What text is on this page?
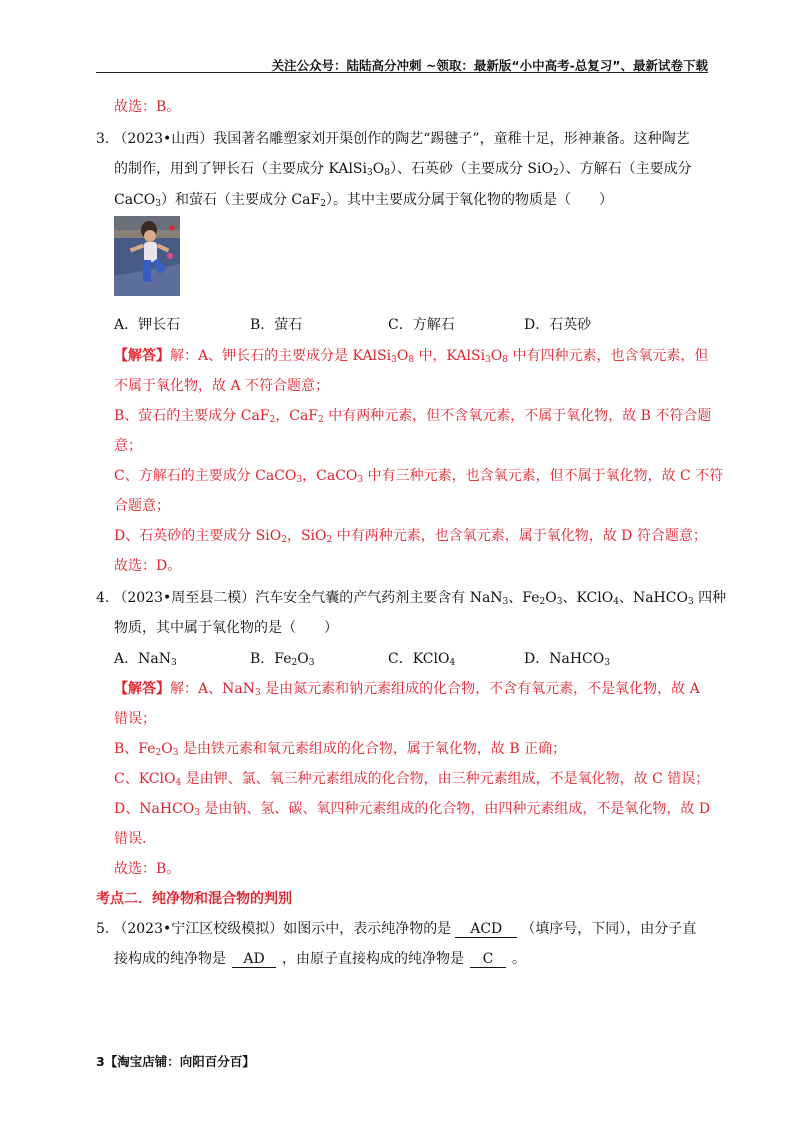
关注公众号：陆陆高分冲刺 ~领取：最新版“小中高考-总复习”、最新试卷下载
故选：B。
3. （2023•山西）我国著名雕塑家刘开渠创作的陶艺“踢毽子”，童稚十足，形神兼备。这种陶艺
的制作，用到了钾长石（主要成分 $KAlSi_3O_8$）、石英砂（主要成分 SiO$_2$）、方解石（主要成分
CaCO$_3$）和萤石（主要成分 CaF$_2$）。其中主要成分属于氧化物的物质是（　　）
A．钾长石	B．萤石	C．方解石	D．石英砂
【解答】解：A、钾长石的主要成分是 $KAlSi_3O_8$ 中，$KAlSi_3O_8$ 中有四种元素，也含氧元素，但
不属于氧化物，故 A 不符合题意；
B、萤石的主要成分 CaF$_2$，CaF$_2$ 中有两种元素，但不含氧元素，不属于氧化物，故 B 不符合题
意；
C、方解石的主要成分 CaCO$_3$，CaCO$_3$ 中有三种元素，也含氧元素，但不属于氧化物，故 C 不符
合题意；
D、石英砂的主要成分 SiO$_2$，SiO$_2$ 中有两种元素，也含氧元素，属于氧化物，故 D 符合题意；
故选：D。
4. （2023•周至县二模）汽车安全气囊的产气药剂主要含有 NaN$_3$、$Fe_2O_3$、KClO$_4$、NaHCO$_3$ 四种
物质，其中属于氧化物的是（　　）
A．NaN$_3$	B．$Fe_2O_3$	C．KClO$_4$	D．NaHCO$_3$
【解答】解：A、NaN$_3$ 是由氮元素和钠元素组成的化合物，不含有氧元素，不是氧化物，故 A
错误；
B、$Fe_2O_3$ 是由铁元素和氧元素组成的化合物，属于氧化物，故 B 正确；
C、KClO$_4$ 是由钾、氯、氧三种元素组成的化合物，由三种元素组成，不是氧化物，故 C 错误；
D、NaHCO$_3$ 是由钠、氢、碳、氧四种元素组成的化合物，由四种元素组成，不是氧化物，故 D
错误.
故选：B。
考点二．纯净物和混合物的判别
5. （2023•宁江区校级模拟）如图示中，表示纯净物的是 ACD （填序号，下同），由分子直
接构成的纯净物是 AD ，由原子直接构成的纯净物是 C 。
3【淘宝店铺：向阳百分百】
